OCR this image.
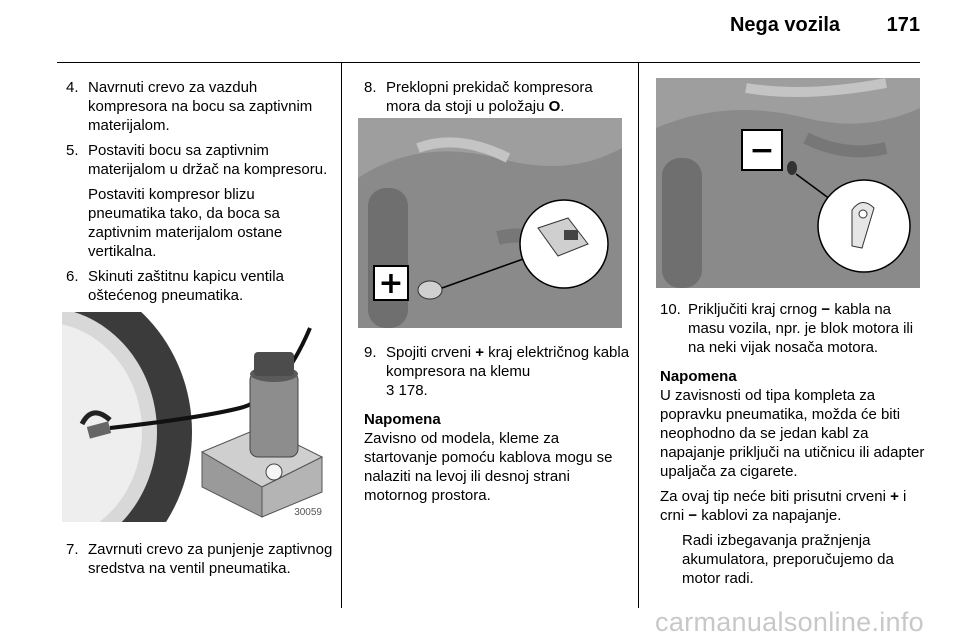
Nega vozila 171

4. Navrnuti crevo za vazduh kompresora na bocu sa zaptivnim materijalom.

5. Postaviti bocu sa zaptivnim materijalom u držač na kompresoru.

Postaviti kompresor blizu pneumatika tako, da boca sa zaptivnim materijalom ostane vertikalna.

6. Skinuti zaštitnu kapicu ventila oštećenog pneumatika.

30059

7. Zavrnuti crevo za punjenje zaptivnog sredstva na ventil pneumatika.

8. Preklopni prekidač kompresora mora da stoji u položaju O.

+

9. Spojiti crveni + kraj električnog kabla kompresora na klemu
3 178.

Napomena

Zavisno od modela, kleme za startovanje pomoću kablova mogu se nalaziti na levoj ili desnoj strani motornog prostora.

−

10. Priključiti kraj crnog − kabla na masu vozila, npr. je blok motora ili na neki vijak nosača motora.

Napomena

U zavisnosti od tipa kompleta za popravku pneumatika, možda će biti neophodno da se jedan kabl za napajanje priključi na utičnicu ili adapter upaljača za cigarete.

Za ovaj tip neće biti prisutni crveni + i crni − kablovi za napajanje.

Radi izbegavanja pražnjenja akumulatora, preporučujemo da motor radi.

carmanualsonline.info
